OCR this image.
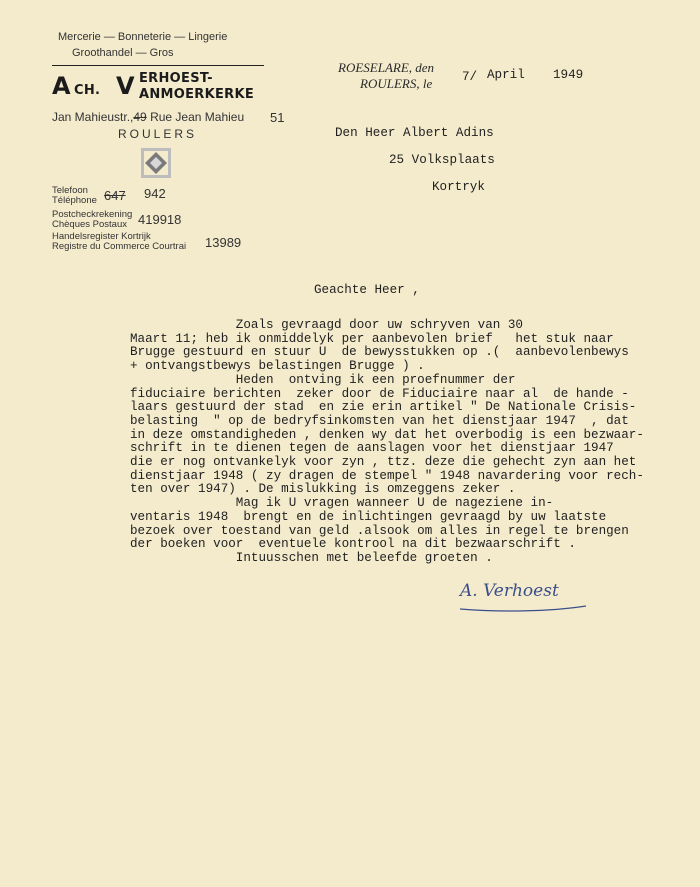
Mercerie — Bonneterie — Lingerie
Groothandel — Gros
A CH. V ERHOEST-
ANMOERKERKE
Jan Mahieustr.,49 Rue Jean Mahieu 51
ROULERS
Telefoon
Téléphone 647 942
Postcheckrekening
Chèques Postaux 419918
Handelsregister Kortrijk
Registre du Commerce Courtrai 13989
ROESELARE, den
ROULERS, le 7/ April 1949
Den Heer Albert Adins
25 Volksplaats
Kortryk
Geachte Heer ,
Zoals gevraagd door uw schryven van 30
Maart 11; heb ik onmiddelyk per aanbevolen brief   het stuk naar
Brugge gestuurd en stuur U  de bewysstukken op .(  aanbevolenbewys
+ ontvangstbewys belastingen Brugge ) .
Heden  ontving ik een proefnummer der
fiduciaire berichten  zeker door de Fiduciaire naar al  de hande -
laars gestuurd der stad  en zie erin artikel " De Nationale Crisis-
belasting  " op de bedryfsinkomsten van het dienstjaar 1947  , dat
in deze omstandigheden , denken wy dat het overbodig is een bezwaar-
schrift in te dienen tegen de aanslagen voor het dienstjaar 1947
die er nog ontvankelyk voor zyn , ttz. deze die gehecht zyn aan het
dienstjaar 1948 ( zy dragen de stempel " 1948 navardering voor rech-
ten over 1947) . De mislukking is omzeggens zeker .
Mag ik U vragen wanneer U de nagezienе in-
ventaris 1948  brengt en de inlichtingen gevraagd by uw laatste
bezoek over toestand van geld .alsook om alles in regel te brengen
der boeken voor  eventuele kontrool na dit bezwaarschrift .
Intuusschen met beleefde groeten .
A. Verhoest
